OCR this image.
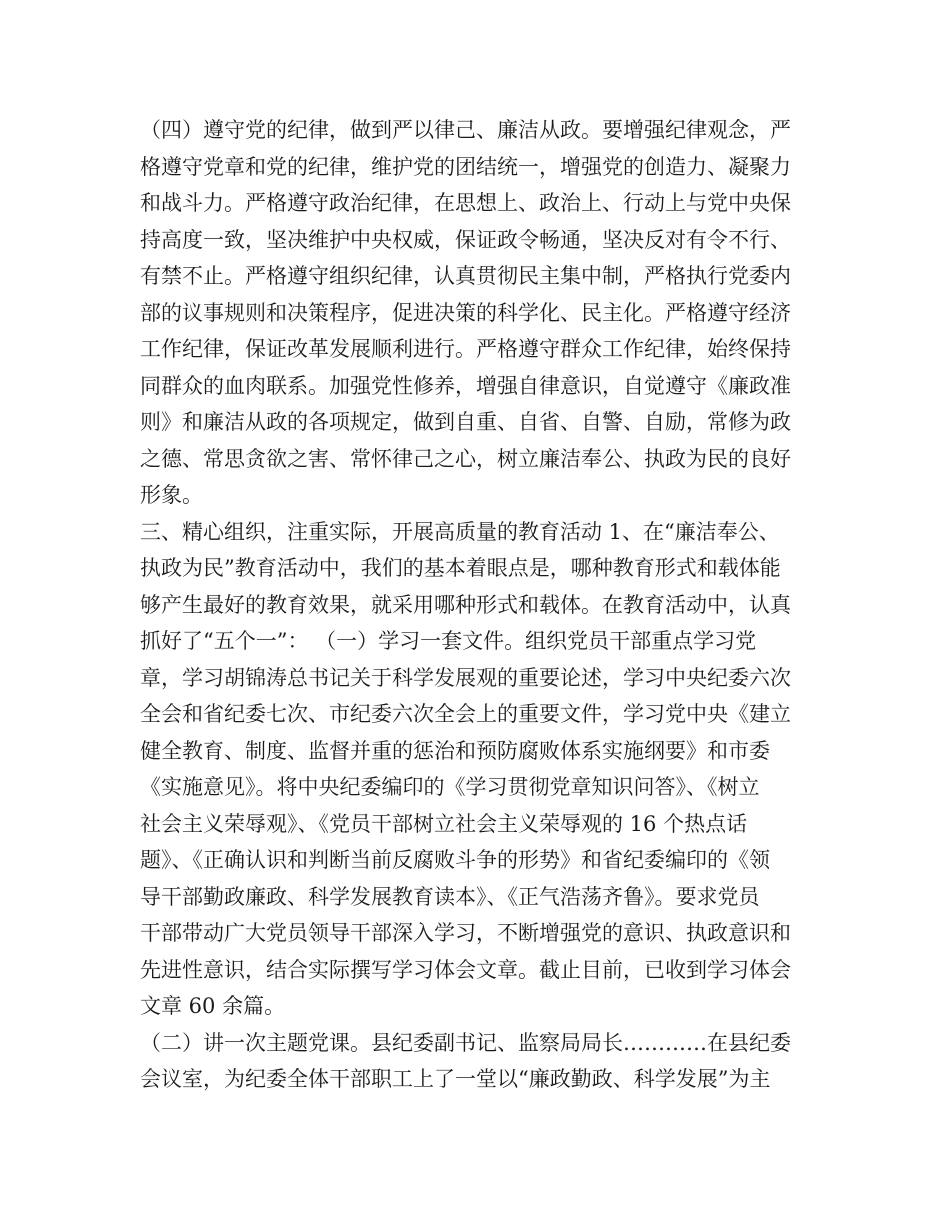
（四）遵守党的纪律，做到严以律己、廉洁从政。要增强纪律观念，严
格遵守党章和党的纪律，维护党的团结统一，增强党的创造力、凝聚力
和战斗力。严格遵守政治纪律，在思想上、政治上、行动上与党中央保
持高度一致，坚决维护中央权威，保证政令畅通，坚决反对有令不行、
有禁不止。严格遵守组织纪律，认真贯彻民主集中制，严格执行党委内
部的议事规则和决策程序，促进决策的科学化、民主化。严格遵守经济
工作纪律，保证改革发展顺利进行。严格遵守群众工作纪律，始终保持
同群众的血肉联系。加强党性修养，增强自律意识，自觉遵守《廉政准
则》和廉洁从政的各项规定，做到自重、自省、自警、自励，常修为政
之德、常思贪欲之害、常怀律己之心，树立廉洁奉公、执政为民的良好
形象。
三、精心组织，注重实际，开展高质量的教育活动 1、在“廉洁奉公、
执政为民”教育活动中，我们的基本着眼点是，哪种教育形式和载体能
够产生最好的教育效果，就采用哪种形式和载体。在教育活动中，认真
抓好了“五个一”： （一）学习一套文件。组织党员干部重点学习党
章，学习胡锦涛总书记关于科学发展观的重要论述，学习中央纪委六次
全会和省纪委七次、市纪委六次全会上的重要文件，学习党中央《建立
健全教育、制度、监督并重的惩治和预防腐败体系实施纲要》和市委
《实施意见》。将中央纪委编印的《学习贯彻党章知识问答》、《树立
社会主义荣辱观》、《党员干部树立社会主义荣辱观的 16 个热点话
题》、《正确认识和判断当前反腐败斗争的形势》和省纪委编印的《领
导干部勤政廉政、科学发展教育读本》、《正气浩荡齐鲁》。要求党员
干部带动广大党员领导干部深入学习，不断增强党的意识、执政意识和
先进性意识，结合实际撰写学习体会文章。截止目前，已收到学习体会
文章 60 余篇。
（二）讲一次主题党课。县纪委副书记、监察局局长…………在县纪委
会议室，为纪委全体干部职工上了一堂以“廉政勤政、科学发展”为主
